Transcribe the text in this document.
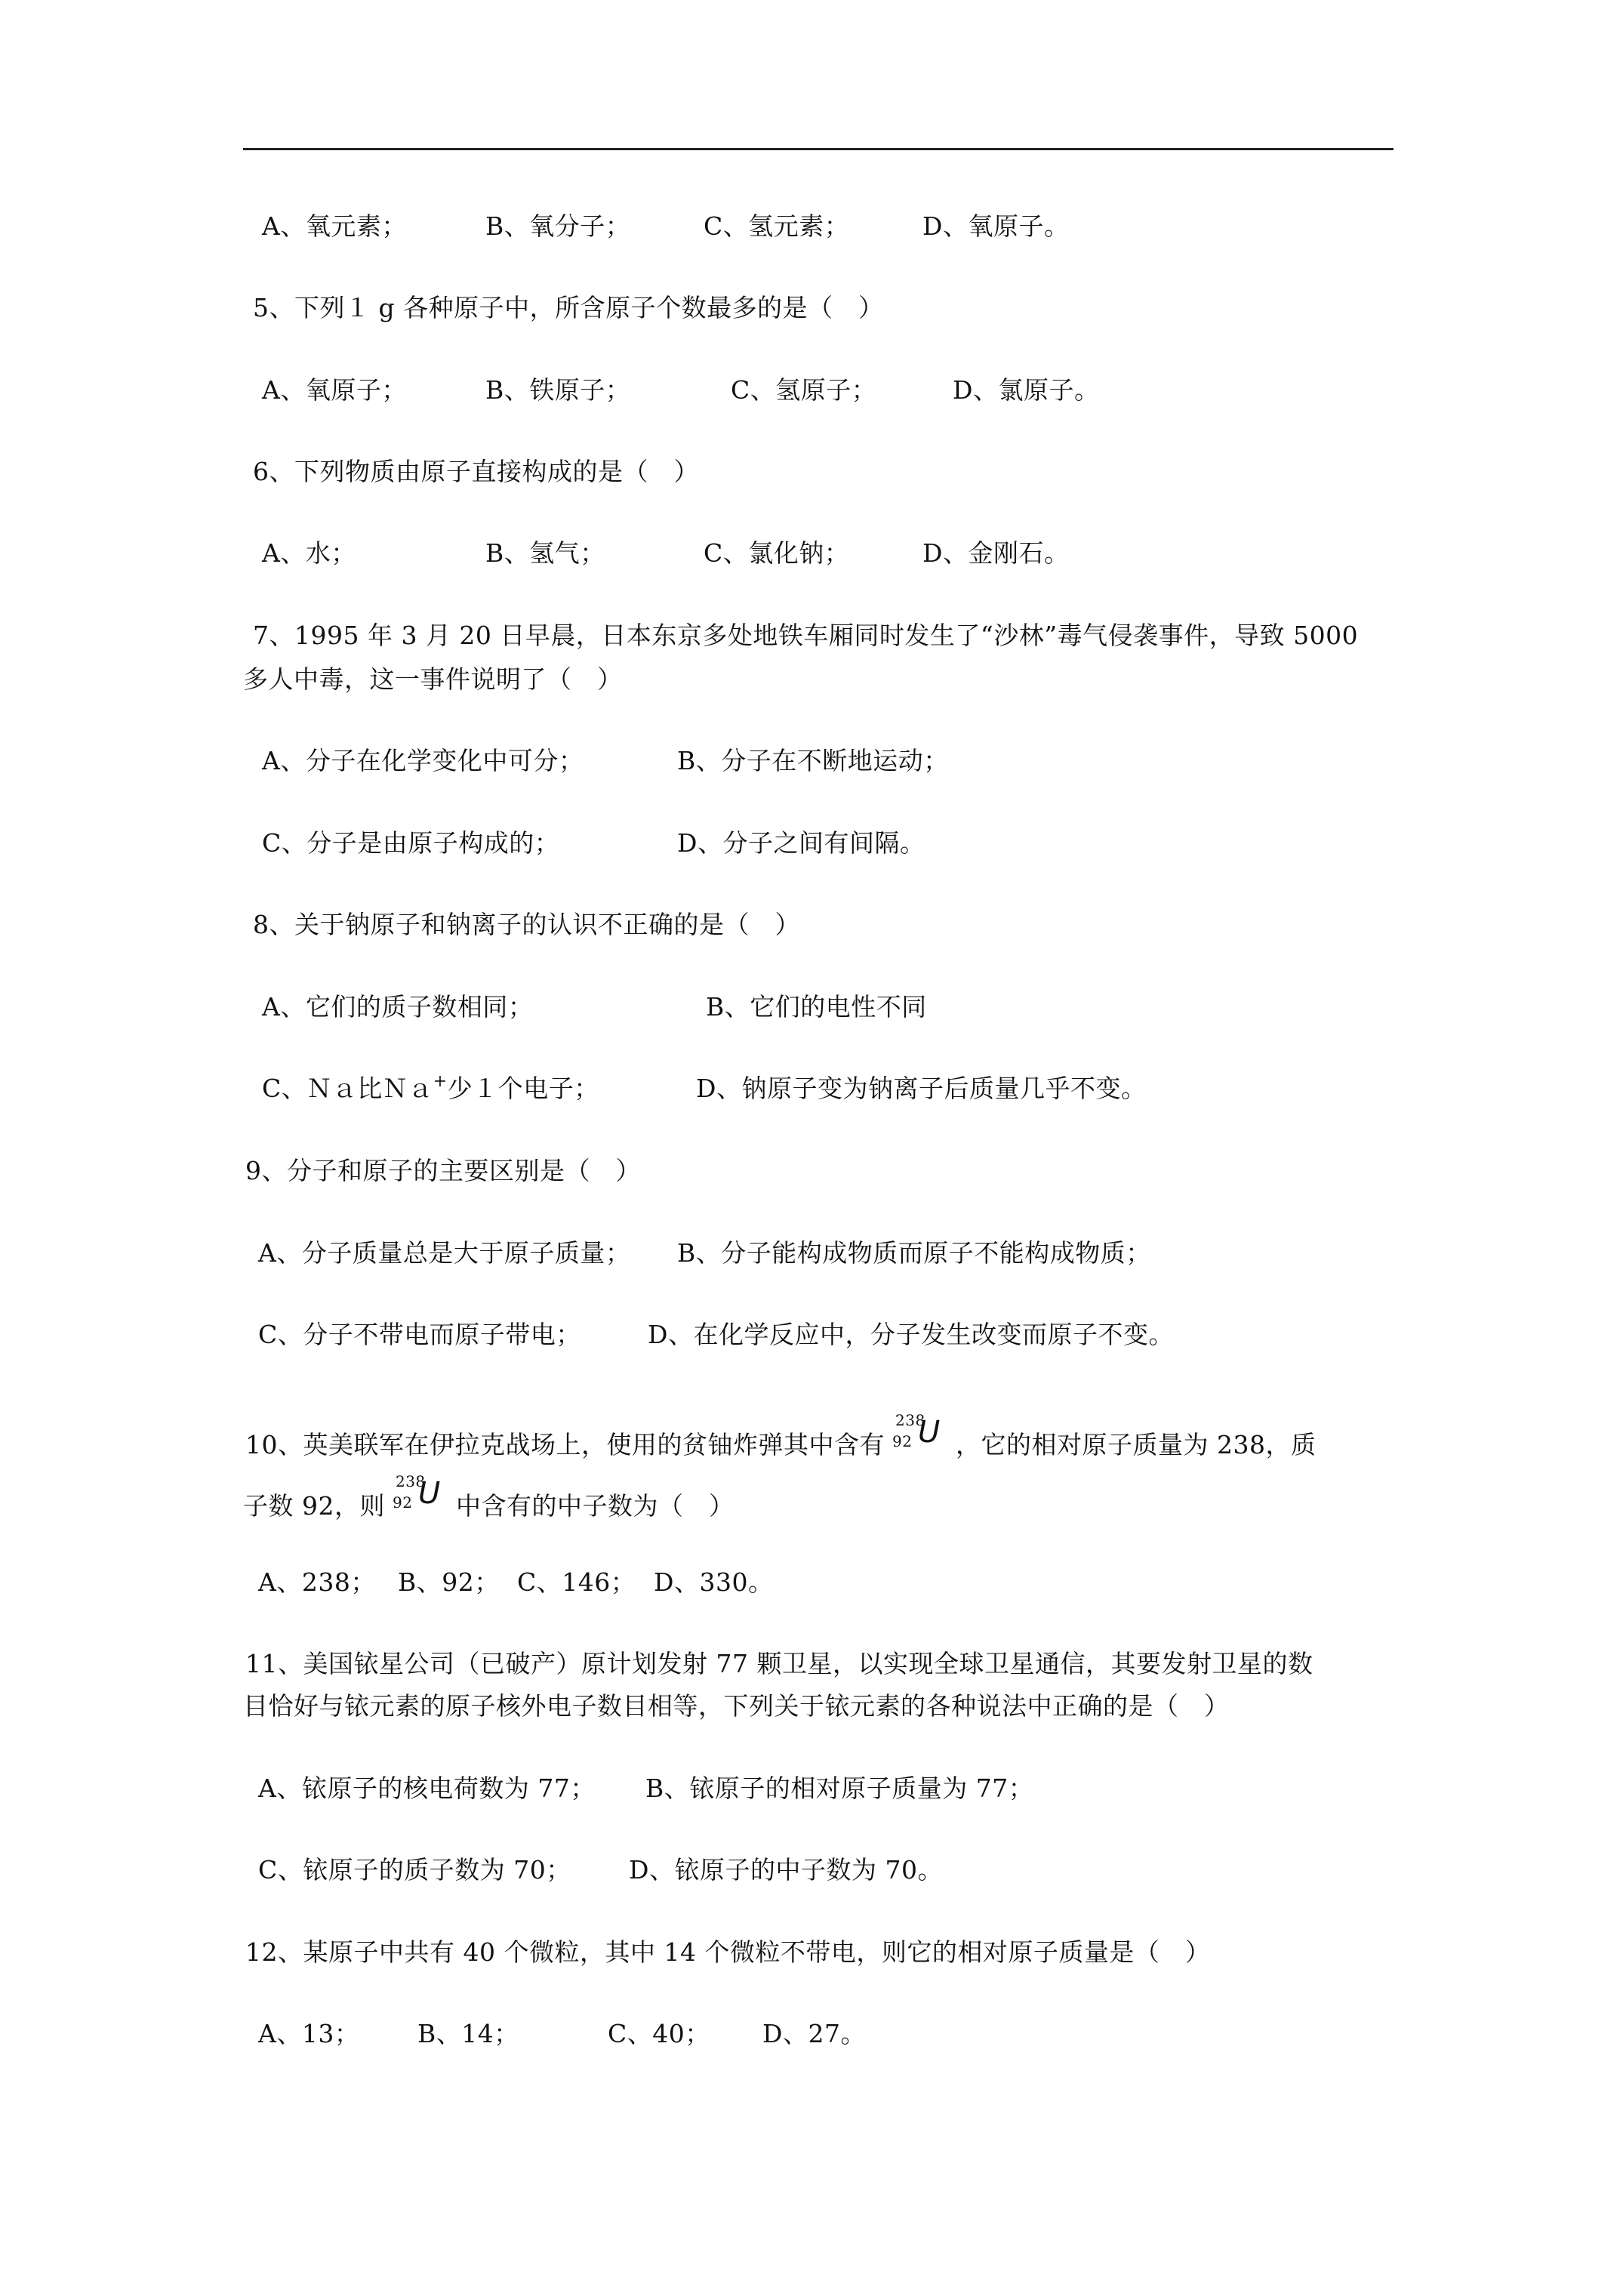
A、氧元素；	B、氧分子；	C、氢元素；	D、氧原子。
5、下列１ g 各种原子中，所含原子个数最多的是（　）
A、氧原子；	B、铁原子；	C、氢原子；	D、氯原子。
6、下列物质由原子直接构成的是（　）
A、水；	B、氢气；	C、氯化钠；	D、金刚石。
7、1995 年 3 月 20 日早晨，日本东京多处地铁车厢同时发生了“沙林”毒气侵袭事件，导致 5000
多人中毒，这一事件说明了（　）
A、分子在化学变化中可分；	B、分子在不断地运动；
C、分子是由原子构成的；	D、分子之间有间隔。
8、关于钠原子和钠离子的认识不正确的是（　）
A、它们的质子数相同；	B、它们的电性不同
C、Ｎａ比Ｎａ+少１个电子；	D、钠原子变为钠离子后质量几乎不变。
9、分子和原子的主要区别是（　）
A、分子质量总是大于原子质量； B、分子能构成物质而原子不能构成物质；
C、分子不带电而原子带电；	D、在化学反应中，分子发生改变而原子不变。
10、英美联军在伊拉克战场上，使用的贫铀炸弹其中含有
238
92 U ，它的相对原子质量为 238，质
子数 92，则
238
92 U 中含有的中子数为（　）
A、238； B、92； C、146； D、330。
11、美国铱星公司（已破产）原计划发射 77 颗卫星，以实现全球卫星通信，其要发射卫星的数
目恰好与铱元素的原子核外电子数目相等，下列关于铱元素的各种说法中正确的是（　）
A、铱原子的核电荷数为 77； B、铱原子的相对原子质量为 77；
C、铱原子的质子数为 70； D、铱原子的中子数为 70。
12、某原子中共有 40 个微粒，其中 14 个微粒不带电，则它的相对原子质量是（　）
A、13； B、14；	C、40； D、27。
